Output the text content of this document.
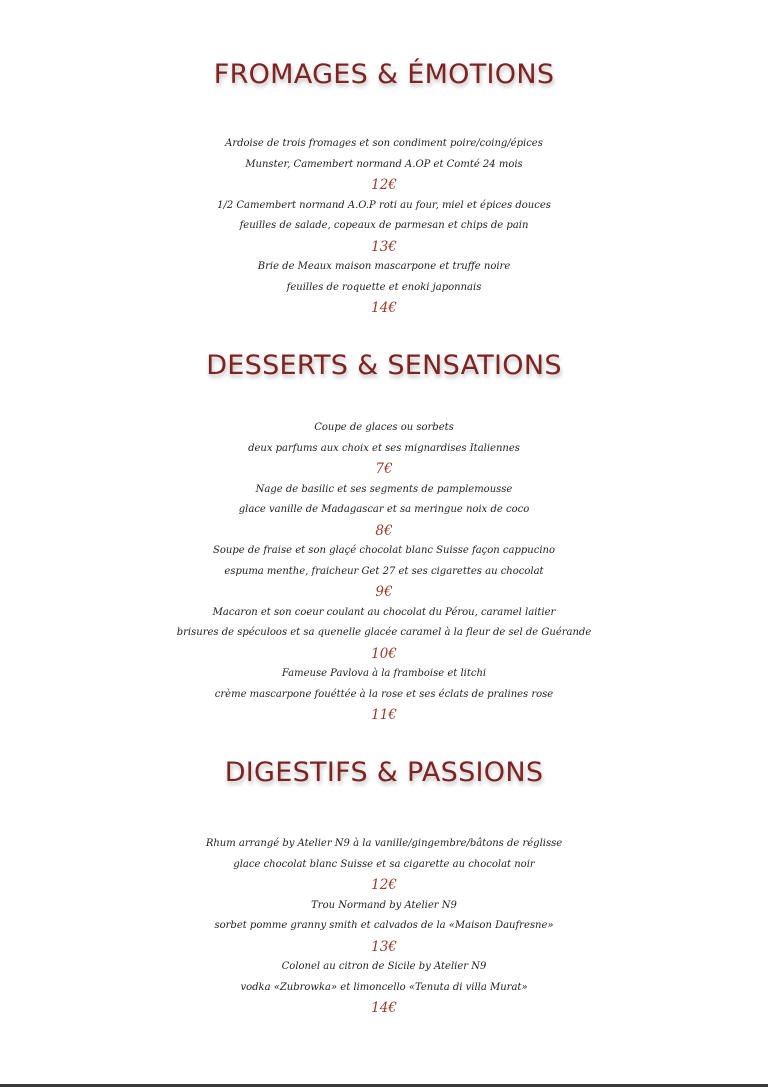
FROMAGES & ÉMOTIONS
Ardoise de trois fromages et son condiment poire/coing/épices
Munster, Camembert normand A.OP et Comté 24 mois
12€
1/2 Camembert normand A.O.P roti au four, miel et épices douces
feuilles de salade, copeaux de parmesan et chips de pain
13€
Brie de Meaux maison mascarpone et truffe noire
feuilles de roquette et enoki japonnais
14€
DESSERTS & SENSATIONS
Coupe de glaces ou sorbets
deux parfums aux choix et ses mignardises Italiennes
7€
Nage de basilic et ses segments de pamplemousse
glace vanille de Madagascar et sa meringue noix de coco
8€
Soupe de fraise et son glaçé chocolat blanc Suisse façon cappucino
espuma menthe, fraicheur Get 27 et ses cigarettes au chocolat
9€
Macaron et son coeur coulant au chocolat du Pérou, caramel laitier
brisures de spéculoos et sa quenelle glacée caramel à la fleur de sel de Guérande
10€
Fameuse Pavlova à la framboise et litchi
crème mascarpone fouéttée à la rose et ses éclats de pralines rose
11€
DIGESTIFS & PASSIONS
Rhum arrangé by Atelier N9 à la vanille/gingembre/bâtons de réglisse
glace chocolat blanc Suisse et sa cigarette au chocolat noir
12€
Trou Normand by Atelier N9
sorbet pomme granny smith et calvados de la «Maison Daufresne»
13€
Colonel au citron de Sicile by Atelier N9
vodka «Zubrowka» et limoncello «Tenuta di villa Murat»
14€
